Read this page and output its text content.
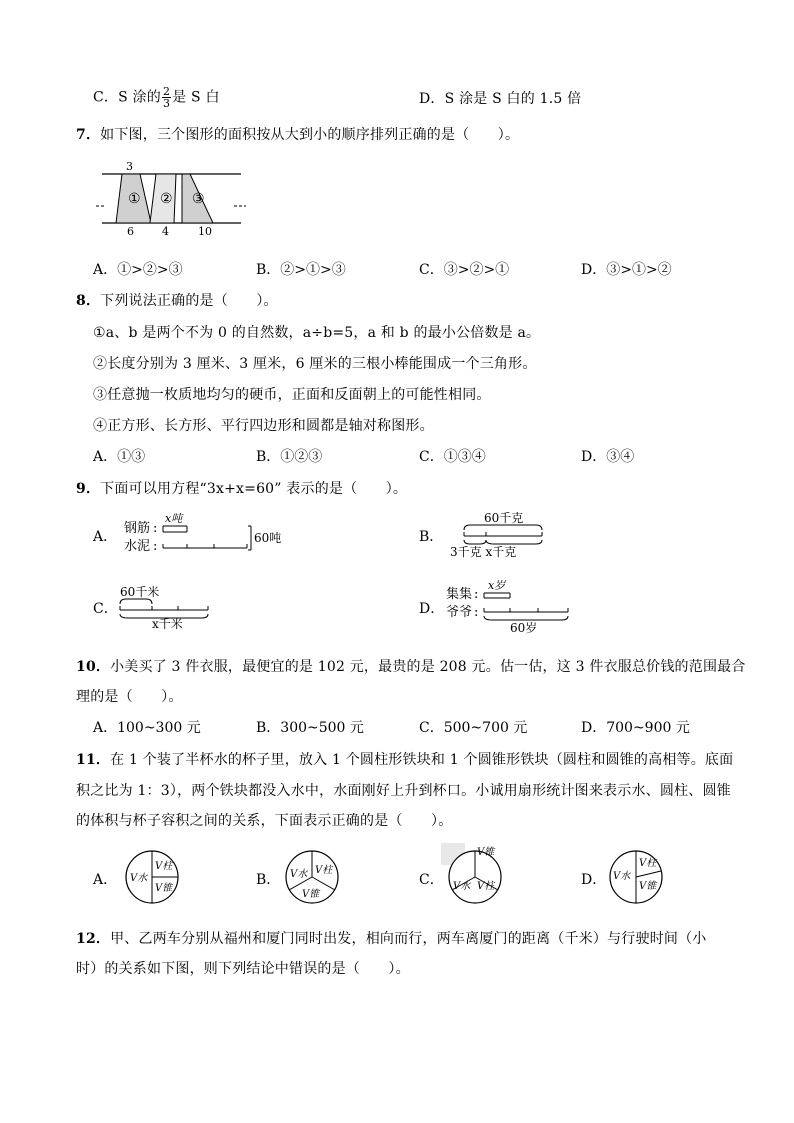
C．S 涂的 $\frac{2}{3}$ 是 S 白	D．S 涂是 S 白的 1.5 倍
7．如下图，三个图形的面积按从大到小的顺序排列正确的是（　　）。
3
① ② ③
6	4	10
A．①>②>③	B．②>①>③	C．③>②>①	D．③>①>②
8．下列说法正确的是（　　）。
①a、b 是两个不为 0 的自然数，a÷b=5，a 和 b 的最小公倍数是 a。
②长度分别为 3 厘米、3 厘米，6 厘米的三根小棒能围成一个三角形。
③任意抛一枚质地均匀的硬币，正面和反面朝上的可能性相同。
④正方形、长方形、平行四边形和圆都是轴对称图形。
A．①③	B．①②③	C．①③④	D．③④
9．下面可以用方程“3x+x=60” 表示的是（　　）。
A．
钢筋
水泥
:
:
x吨
60吨	B．
60千克
3千克 x千克
C．
60千米
x千米
D．
集集
爷爷
:
:
x岁
60岁
10．小美买了 3 件衣服，最便宜的是 102 元，最贵的是 208 元。估一估，这 3 件衣服总价钱的范围最合
理的是（　　）。
A．100~300 元	B．300~500 元	C．500~700 元	D．700~900 元
11．在 1 个装了半杯水的杯子里，放入 1 个圆柱形铁块和 1 个圆锥形铁块（圆柱和圆锥的高相等。底面
积之比为 1：3），两个铁块都没入水中，水面刚好上升到杯口。小诚用扇形统计图来表示水、圆柱、圆锥
的体积与杯子容积之间的关系，下面表示正确的是（　　）。
A． V水
V柱
V锥
B． V水 V柱
V锥
C．
V锥
V水 V柱	D． V水
V柱
V锥
12．甲、乙两车分别从福州和厦门同时出发，相向而行，两车离厦门的距离（千米）与行驶时间（小
时）的关系如下图，则下列结论中错误的是（　　）。
